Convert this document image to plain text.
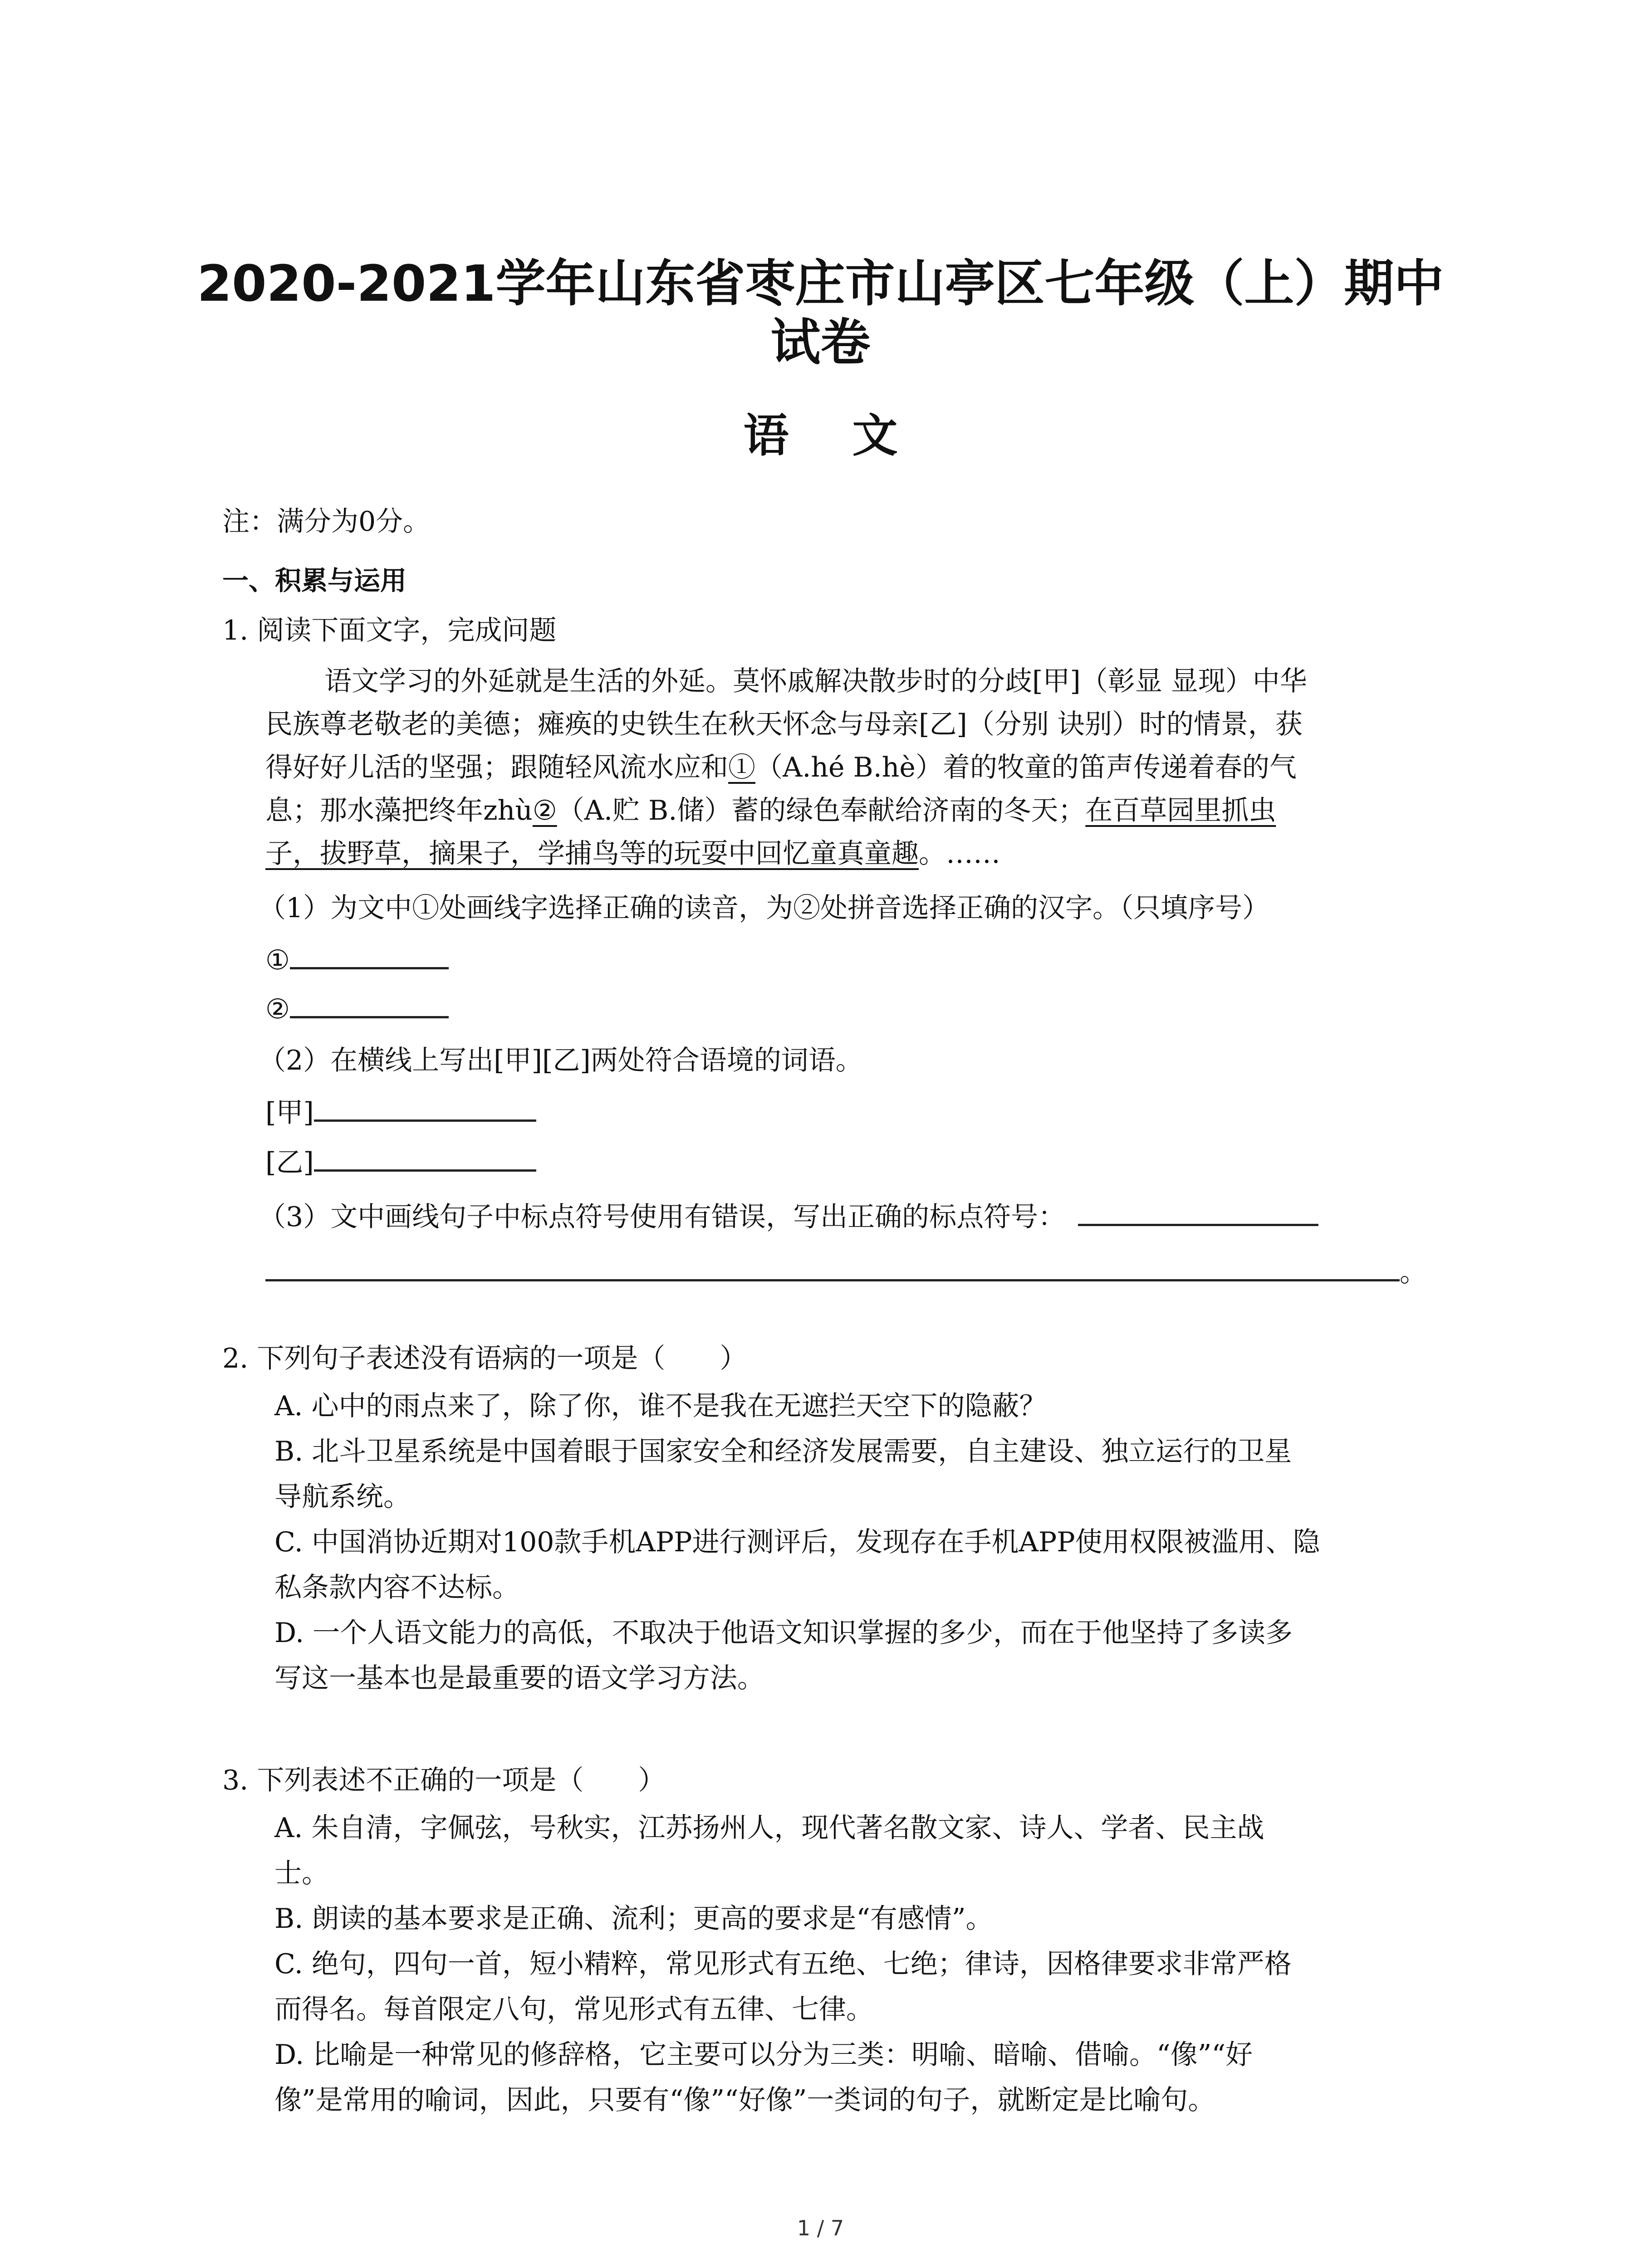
2020-2021学年山东省枣庄市山亭区七年级（上）期中
试卷
语文
注：满分为0分。
一、积累与运用
1. 阅读下面文字，完成问题
语文学习的外延就是生活的外延。莫怀戚解决散步时的分歧[甲]（彰显 显现）中华
民族尊老敬老的美德；瘫痪的史铁生在秋天怀念与母亲[乙]（分别 诀别）时的情景，获
得好好儿活的坚强；跟随轻风流水应和①（A.hé B.hè）着的牧童的笛声传递着春的气
息；那水藻把终年zhù②（A.贮 B.储）蓄的绿色奉献给济南的冬天；在百草园里抓虫
子，拔野草，摘果子，学捕鸟等的玩耍中回忆童真童趣。……
（1）为文中①处画线字选择正确的读音，为②处拼音选择正确的汉字。（只填序号）
①
②
（2）在横线上写出[甲][乙]两处符合语境的词语。
[甲]
[乙]
（3）文中画线句子中标点符号使用有错误，写出正确的标点符号：
。
2. 下列句子表述没有语病的一项是（　　）
A. 心中的雨点来了，除了你，谁不是我在无遮拦天空下的隐蔽？
B. 北斗卫星系统是中国着眼于国家安全和经济发展需要，自主建设、独立运行的卫星
导航系统。
C. 中国消协近期对100款手机APP进行测评后，发现存在手机APP使用权限被滥用、隐
私条款内容不达标。
D. 一个人语文能力的高低，不取决于他语文知识掌握的多少，而在于他坚持了多读多
写这一基本也是最重要的语文学习方法。
3. 下列表述不正确的一项是（　　）
A. 朱自清，字佩弦，号秋实，江苏扬州人，现代著名散文家、诗人、学者、民主战
士。
B. 朗读的基本要求是正确、流利；更高的要求是“有感情”。
C. 绝句，四句一首，短小精粹，常见形式有五绝、七绝；律诗，因格律要求非常严格
而得名。每首限定八句，常见形式有五律、七律。
D. 比喻是一种常见的修辞格，它主要可以分为三类：明喻、暗喻、借喻。“像”“好
像”是常用的喻词，因此，只要有“像”“好像”一类词的句子，就断定是比喻句。
1 / 7
